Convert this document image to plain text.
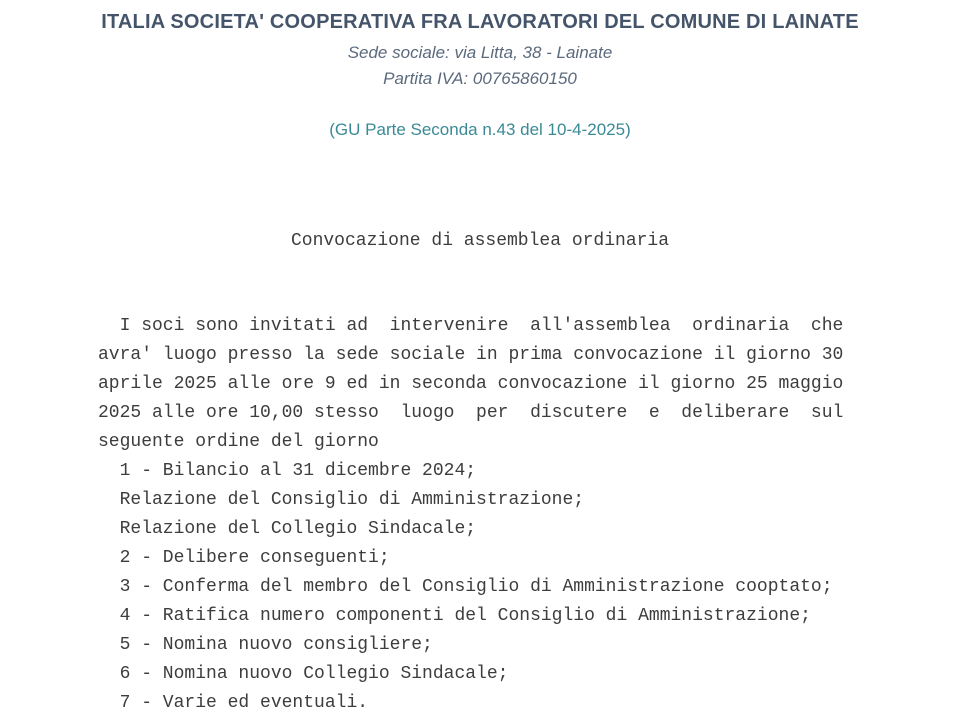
ITALIA SOCIETA' COOPERATIVA FRA LAVORATORI DEL COMUNE DI LAINATE
Sede sociale: via Litta, 38 - Lainate
Partita IVA: 00765860150
(GU Parte Seconda n.43 del 10-4-2025)
Convocazione di assemblea ordinaria
I soci sono invitati ad  intervenire  all'assemblea  ordinaria  che
avra' luogo presso la sede sociale in prima convocazione il giorno 30
aprile 2025 alle ore 9 ed in seconda convocazione il giorno 25 maggio
2025 alle ore 10,00 stesso  luogo  per  discutere  e  deliberare  sul
seguente ordine del giorno
1 - Bilancio al 31 dicembre 2024;
Relazione del Consiglio di Amministrazione;
Relazione del Collegio Sindacale;
2 - Delibere conseguenti;
3 - Conferma del membro del Consiglio di Amministrazione cooptato;
4 - Ratifica numero componenti del Consiglio di Amministrazione;
5 - Nomina nuovo consigliere;
6 - Nomina nuovo Collegio Sindacale;
7 - Varie ed eventuali.
